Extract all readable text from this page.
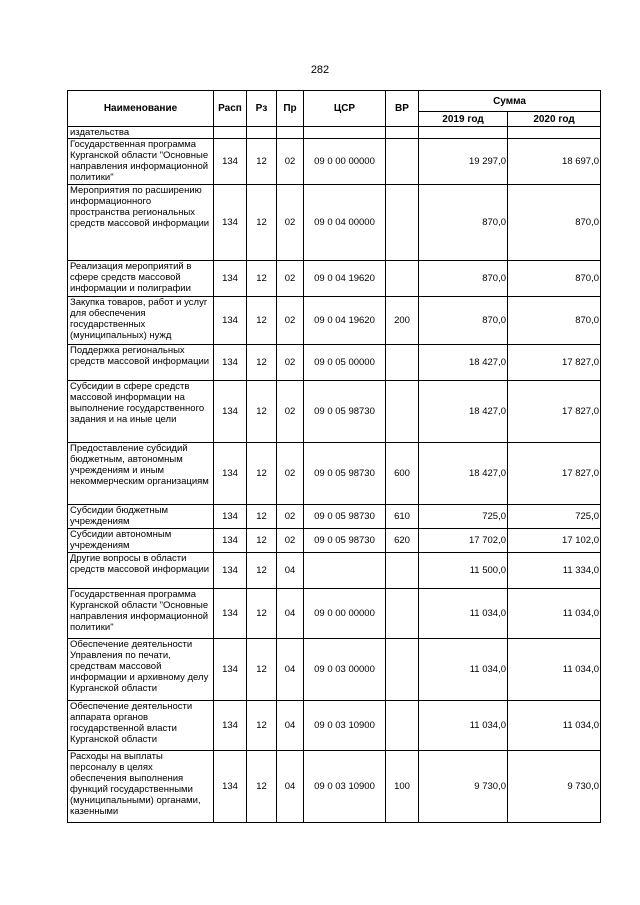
282
Наименование	Расп	Рз	Пр	ЦСР	ВР	Сумма	
						2019 год	2020 год
издательства							
Государственная программа Курганской области "Основные направления информационной политики"	134	12	02	09 0 00 00000		19 297,0	18 697,0
Мероприятия по расширению информационного пространства региональных средств массовой информации	134	12	02	09 0 04 00000		870,0	870,0
Реализация мероприятий в сфере средств массовой информации и полиграфии	134	12	02	09 0 04 19620		870,0	870,0
Закупка товаров, работ и услуг для обеспечения государственных (муниципальных) нужд	134	12	02	09 0 04 19620	200	870,0	870,0
Поддержка региональных средств массовой информации	134	12	02	09 0 05 00000		18 427,0	17 827,0
Субсидии в сфере средств массовой информации на выполнение государственного задания и на иные цели	134	12	02	09 0 05 98730		18 427,0	17 827,0
Предоставление субсидий бюджетным, автономным учреждениям и иным некоммерческим организациям	134	12	02	09 0 05 98730	600	18 427,0	17 827,0
Субсидии бюджетным учреждениям	134	12	02	09 0 05 98730	610	725,0	725,0
Субсидии автономным учреждениям	134	12	02	09 0 05 98730	620	17 702,0	17 102,0
Другие вопросы в области средств массовой информации	134	12	04			11 500,0	11 334,0
Государственная программа Курганской области "Основные направления информационной политики"	134	12	04	09 0 00 00000		11 034,0	11 034,0
Обеспечение деятельности Управления по печати, средствам массовой информации и архивному делу Курганской области	134	12	04	09 0 03 00000		11 034,0	11 034,0
Обеспечение деятельности аппарата органов государственной власти Курганской области	134	12	04	09 0 03 10900		11 034,0	11 034,0
Расходы на выплаты персоналу в целях обеспечения выполнения функций государственными (муниципальными) органами, казенными	134	12	04	09 0 03 10900	100	9 730,0	9 730,0
